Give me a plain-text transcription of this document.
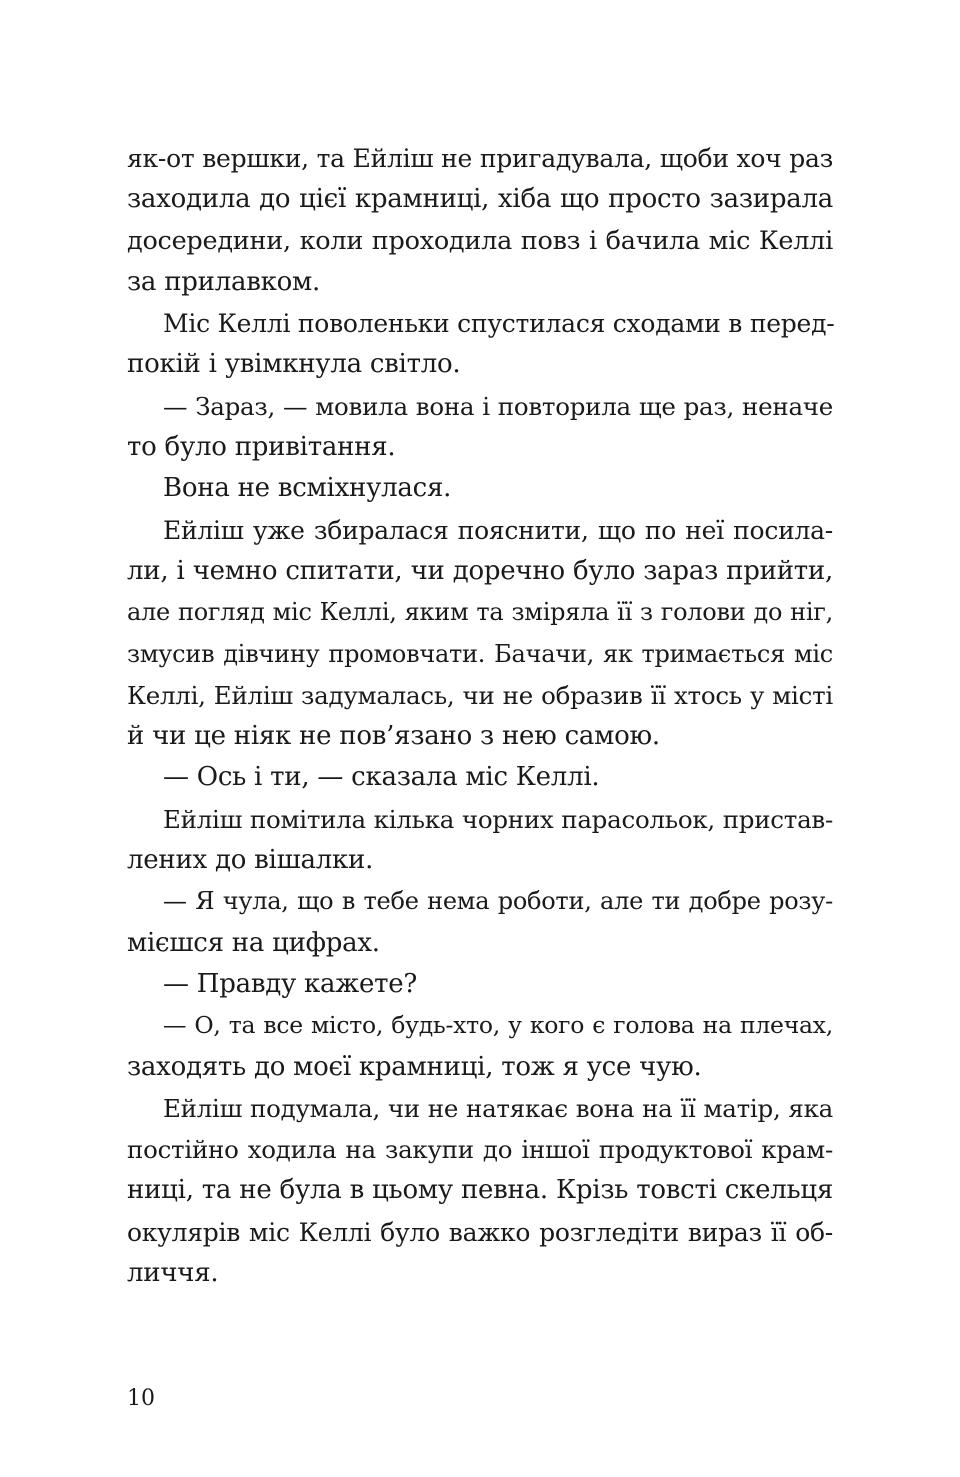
як-от вершки, та Ейліш не пригадувала, щоби хоч раз
заходила до цієї крамниці, хіба що просто зазирала
досередини, коли проходила повз і бачила міс Келлі
за прилавком.
Міс Келлі поволеньки спустилася сходами в перед-
покій і увімкнула світло.
— Зараз, — мовила вона і повторила ще раз, неначе
то було привітання.
Вона не всміхнулася.
Ейліш уже збиралася пояснити, що по неї посила-
ли, і чемно спитати, чи доречно було зараз прийти,
але погляд міс Келлі, яким та зміряла її з голови до ніг,
змусив дівчину промовчати. Бачачи, як тримається міс
Келлі, Ейліш задумалась, чи не образив її хтось у місті
й чи це ніяк не пов’язано з нею самою.
— Ось і ти, — сказала міс Келлі.
Ейліш помітила кілька чорних парасольок, пристав-
лених до вішалки.
— Я чула, що в тебе нема роботи, але ти добре розу-
мієшся на цифрах.
— Правду кажете?
— О, та все місто, будь-хто, у кого є голова на плечах,
заходять до моєї крамниці, тож я усе чую.
Ейліш подумала, чи не натякає вона на її матір, яка
постійно ходила на закупи до іншої продуктової крам-
ниці, та не була в цьому певна. Крізь товсті скельця
окулярів міс Келлі було важко розгледіти вираз її об-
личчя.
10
